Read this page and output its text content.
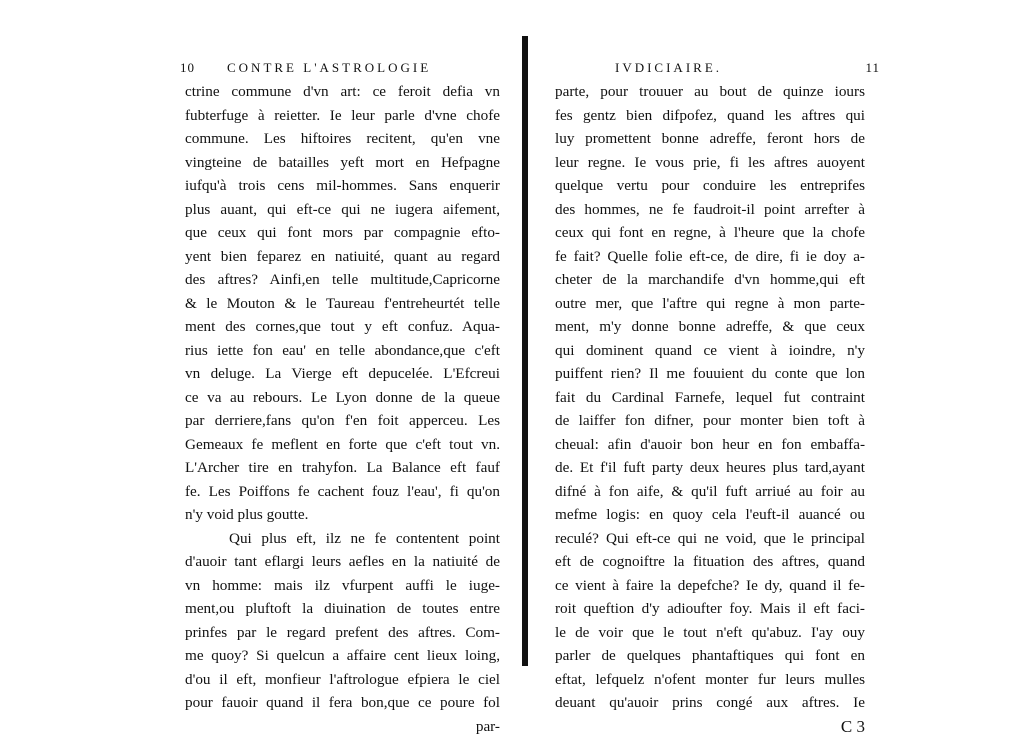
10 CONTRE L'ASTROLOGIE
ctrine commune d'vn art: ce feroit defia vn
fubterfuge à reietter. Ie leur parle d'vne chofe
commune. Les hiftoires recitent, qu'en vne
vingteine de batailles yeft mort en Hefpagne
iufqu'à trois cens mil-hommes. Sans enquerir
plus auant, qui eft-ce qui ne iugera aifement,
que ceux qui font mors par compagnie efto-
yent bien feparez en natiuité, quant au regard
des aftres? Ainfi,en telle multitude,Capricorne
& le Mouton & le Taureau f'entreheurtét telle
ment des cornes,que tout y eft confuz. Aqua-
rius iette fon eau' en telle abondance,que c'eft
vn deluge. La Vierge eft depucelée. L'Efcreui
ce va au rebours. Le Lyon donne de la queue
par derriere,fans qu'on f'en foit apperceu. Les
Gemeaux fe meflent en forte que c'eft tout vn.
L'Archer tire en trahyfon. La Balance eft fauf
fe. Les Poiffons fe cachent fouz l'eau', fi qu'on
n'y void plus goutte.
Qui plus eft, ilz ne fe contentent point
d'auoir tant eflargi leurs aefles en la natiuité de
vn homme: mais ilz vfurpent auffi le iuge-
ment,ou pluftoft la diuination de toutes entre
prinfes par le regard prefent des aftres. Com-
me quoy? Si quelcun a affaire cent lieux loing,
d'ou il eft, monfieur l'aftrologue efpiera le ciel
pour fauoir quand il fera bon,que ce poure fol
par-
IVDICIAIRE.	11
parte, pour trouuer au bout de quinze iours
fes gentz bien difpofez, quand les aftres qui
luy promettent bonne adreffe, feront hors de
leur regne. Ie vous prie, fi les aftres auoyent
quelque vertu pour conduire les entreprifes
des hommes, ne fe faudroit-il point arrefter à
ceux qui font en regne, à l'heure que la chofe
fe fait? Quelle folie eft-ce, de dire, fi ie doy a-
cheter de la marchandife d'vn homme,qui eft
outre mer, que l'aftre qui regne à mon parte-
ment, m'y donne bonne adreffe, & que ceux
qui dominent quand ce vient à ioindre, n'y
puiffent rien? Il me fouuient du conte que lon
fait du Cardinal Farnefe, lequel fut contraint
de laiffer fon difner, pour monter bien toft à
cheual: afin d'auoir bon heur en fon embaffa-
de. Et f'il fuft party deux heures plus tard,ayant
difné à fon aife, & qu'il fuft arriué au foir au
mefme logis: en quoy cela l'euft-il auancé ou
reculé? Qui eft-ce qui ne void, que le principal
eft de cognoiftre la fituation des aftres, quand
ce vient à faire la depefche? Ie dy, quand il fe-
roit queftion d'y adioufter foy. Mais il eft faci-
le de voir que le tout n'eft qu'abuz. I'ay ouy
parler de quelques phantaftiques qui font en
eftat, lefquelz n'ofent monter fur leurs mulles
deuant qu'auoir prins congé aux aftres. Ie
C 3
